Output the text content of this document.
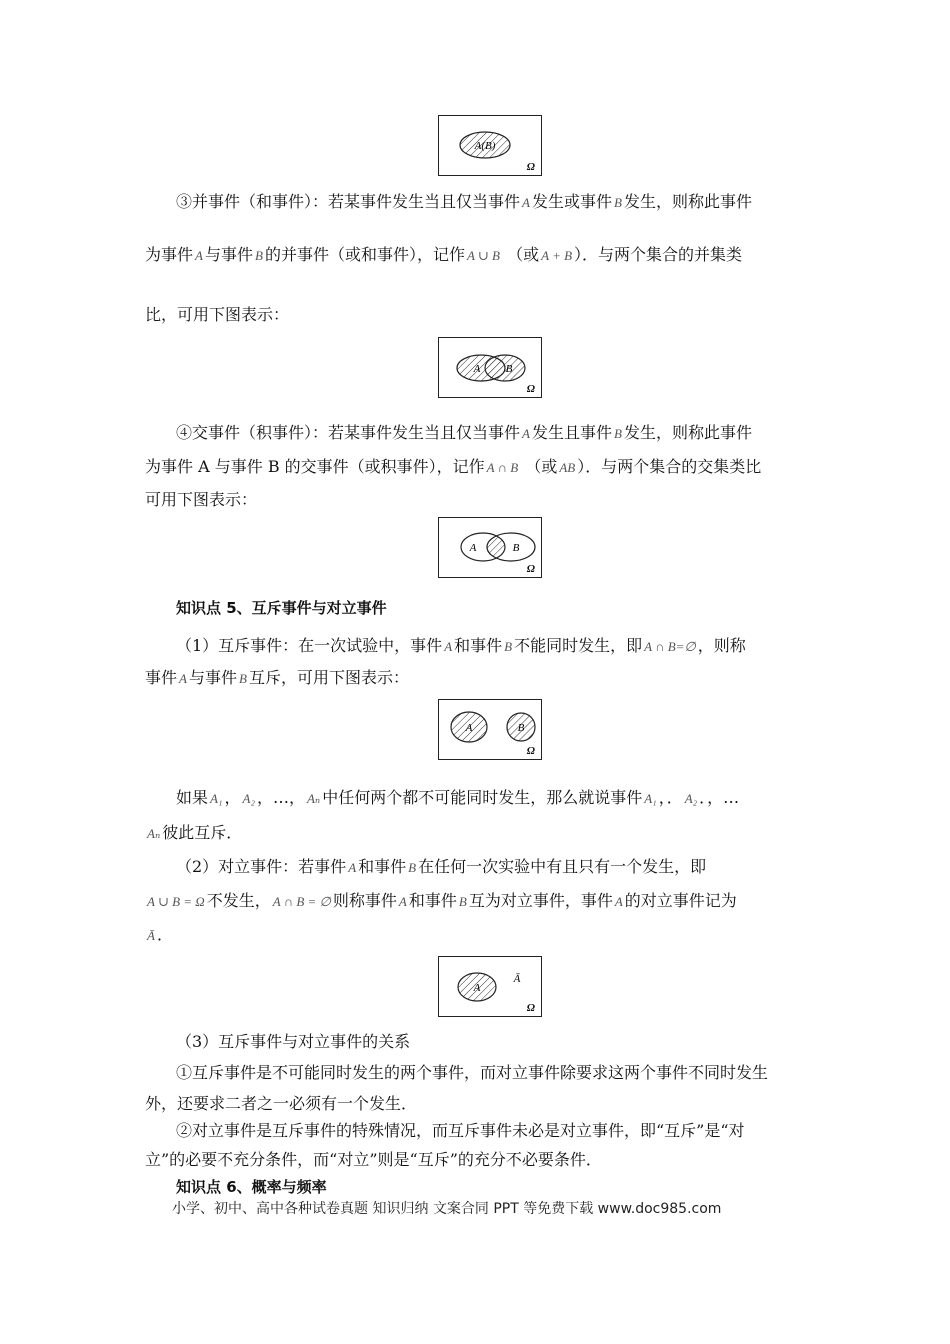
A(B)
Ω
③并事件（和事件）：若某事件发生当且仅当事件 A 发生或事件 B 发生，则称此事件
为事件 A 与事件 B 的并事件（或和事件），记作 A ∪ B （或 A + B ）．与两个集合的并集类
比，可用下图表示：
A B
Ω
④交事件（积事件）：若某事件发生当且仅当事件 A 发生且事件 B 发生，则称此事件
为事件 A 与事件 B 的交事件（或积事件），记作 A ∩ B （或 AB ）．与两个集合的交集类比
可用下图表示：
A	B
Ω
知识点 5、互斥事件与对立事件
（1）互斥事件：在一次试验中，事件 A 和事件 B 不能同时发生，即 A ∩ B=∅ ，则称
事件 A 与事件 B 互斥，可用下图表示：
A	B
Ω
如果 A₁ ， A₂ ，…， Aₙ 中任何两个都不可能同时发生，那么就说事件 A₁ ，． A₂ ．，…
Aₙ 彼此互斥．
（2）对立事件：若事件 A 和事件 B 在任何一次实验中有且只有一个发生，即
A ∪ B = Ω 不发生， A ∩ B = ∅ 则称事件 A 和事件 B 互为对立事件，事件 A 的对立事件记为
Ā ．
A
Ā
Ω
（3）互斥事件与对立事件的关系
①互斥事件是不可能同时发生的两个事件，而对立事件除要求这两个事件不同时发生
外，还要求二者之一必须有一个发生．
②对立事件是互斥事件的特殊情况，而互斥事件未必是对立事件，即“互斥”是“对
立”的必要不充分条件，而“对立”则是“互斥”的充分不必要条件．
知识点 6、概率与频率
小学、初中、高中各种试卷真题 知识归纳 文案合同 PPT 等免费下载 www.doc985.com
